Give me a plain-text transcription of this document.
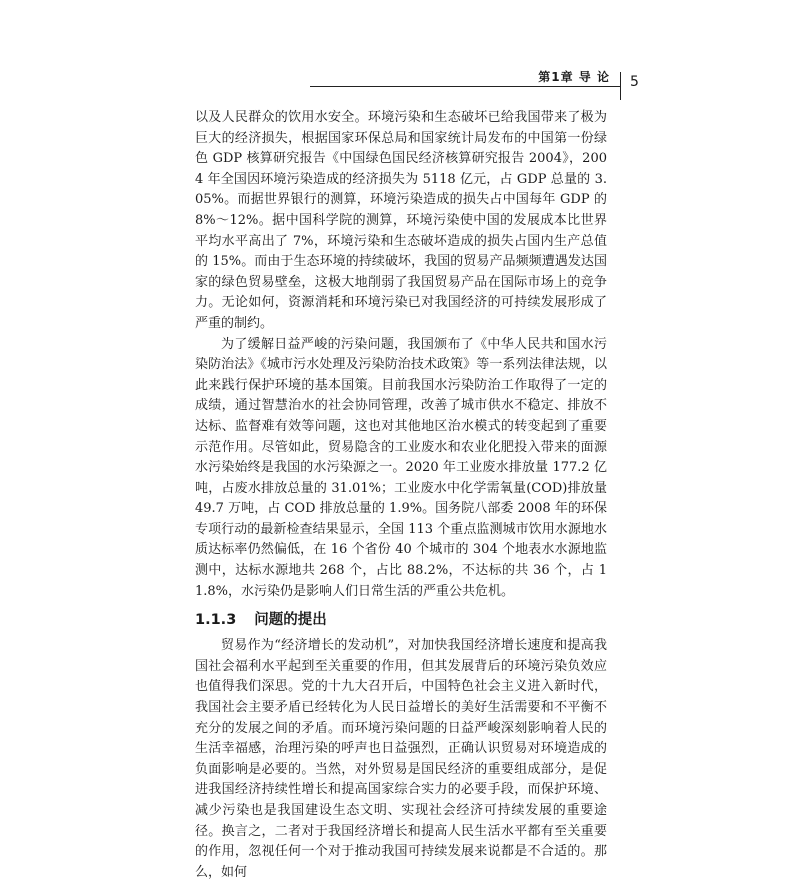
第1章 导 论 5

以及人民群众的饮用水安全。环境污染和生态破坏已给我国带来了极为巨大的经济损失，根据国家环保总局和国家统计局发布的中国第一份绿色 GDP 核算研究报告《中国绿色国民经济核算研究报告 2004》，2004 年全国因环境污染造成的经济损失为 5118 亿元，占 GDP 总量的 3.05%。而据世界银行的测算，环境污染造成的损失占中国每年 GDP 的 8%～12%。据中国科学院的测算，环境污染使中国的发展成本比世界平均水平高出了 7%，环境污染和生态破坏造成的损失占国内生产总值的 15%。而由于生态环境的持续破坏，我国的贸易产品频频遭遇发达国家的绿色贸易壁垒，这极大地削弱了我国贸易产品在国际市场上的竞争力。无论如何，资源消耗和环境污染已对我国经济的可持续发展形成了严重的制约。

为了缓解日益严峻的污染问题，我国颁布了《中华人民共和国水污染防治法》《城市污水处理及污染防治技术政策》等一系列法律法规，以此来践行保护环境的基本国策。目前我国水污染防治工作取得了一定的成绩，通过智慧治水的社会协同管理，改善了城市供水不稳定、排放不达标、监督难有效等问题，这也对其他地区治水模式的转变起到了重要示范作用。尽管如此，贸易隐含的工业废水和农业化肥投入带来的面源水污染始终是我国的水污染源之一。2020 年工业废水排放量 177.2 亿吨，占废水排放总量的 31.01%；工业废水中化学需氧量(COD)排放量 49.7 万吨，占 COD 排放总量的 1.9%。国务院八部委 2008 年的环保专项行动的最新检查结果显示，全国 113 个重点监测城市饮用水源地水质达标率仍然偏低，在 16 个省份 40 个城市的 304 个地表水水源地监测中，达标水源地共 268 个，占比 88.2%，不达标的共 36 个，占 11.8%，水污染仍是影响人们日常生活的严重公共危机。

1.1.3 问题的提出

贸易作为“经济增长的发动机”，对加快我国经济增长速度和提高我国社会福利水平起到至关重要的作用，但其发展背后的环境污染负效应也值得我们深思。党的十九大召开后，中国特色社会主义进入新时代，我国社会主要矛盾已经转化为人民日益增长的美好生活需要和不平衡不充分的发展之间的矛盾。而环境污染问题的日益严峻深刻影响着人民的生活幸福感，治理污染的呼声也日益强烈，正确认识贸易对环境造成的负面影响是必要的。当然，对外贸易是国民经济的重要组成部分，是促进我国经济持续性增长和提高国家综合实力的必要手段，而保护环境、减少污染也是我国建设生态文明、实现社会经济可持续发展的重要途径。换言之，二者对于我国经济增长和提高人民生活水平都有至关重要的作用，忽视任何一个对于推动我国可持续发展来说都是不合适的。那么，如何
